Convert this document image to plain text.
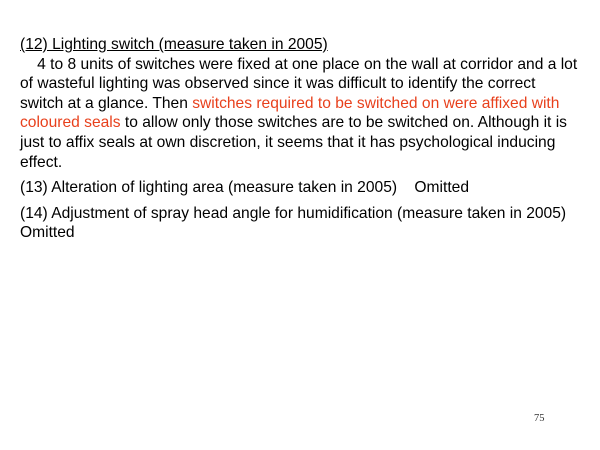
(12) Lighting switch (measure taken in 2005)
4 to 8 units of switches were fixed at one place on the wall at corridor and a lot of wasteful lighting was observed since it was difficult to identify the correct switch at a glance. Then switches required to be switched on were affixed with coloured seals to allow only those switches are to be switched on. Although it is just to affix seals at own discretion, it seems that it has psychological inducing effect.

(13) Alteration of lighting area (measure taken in 2005)    Omitted

(14) Adjustment of spray head angle for humidification (measure taken in 2005) Omitted

75
